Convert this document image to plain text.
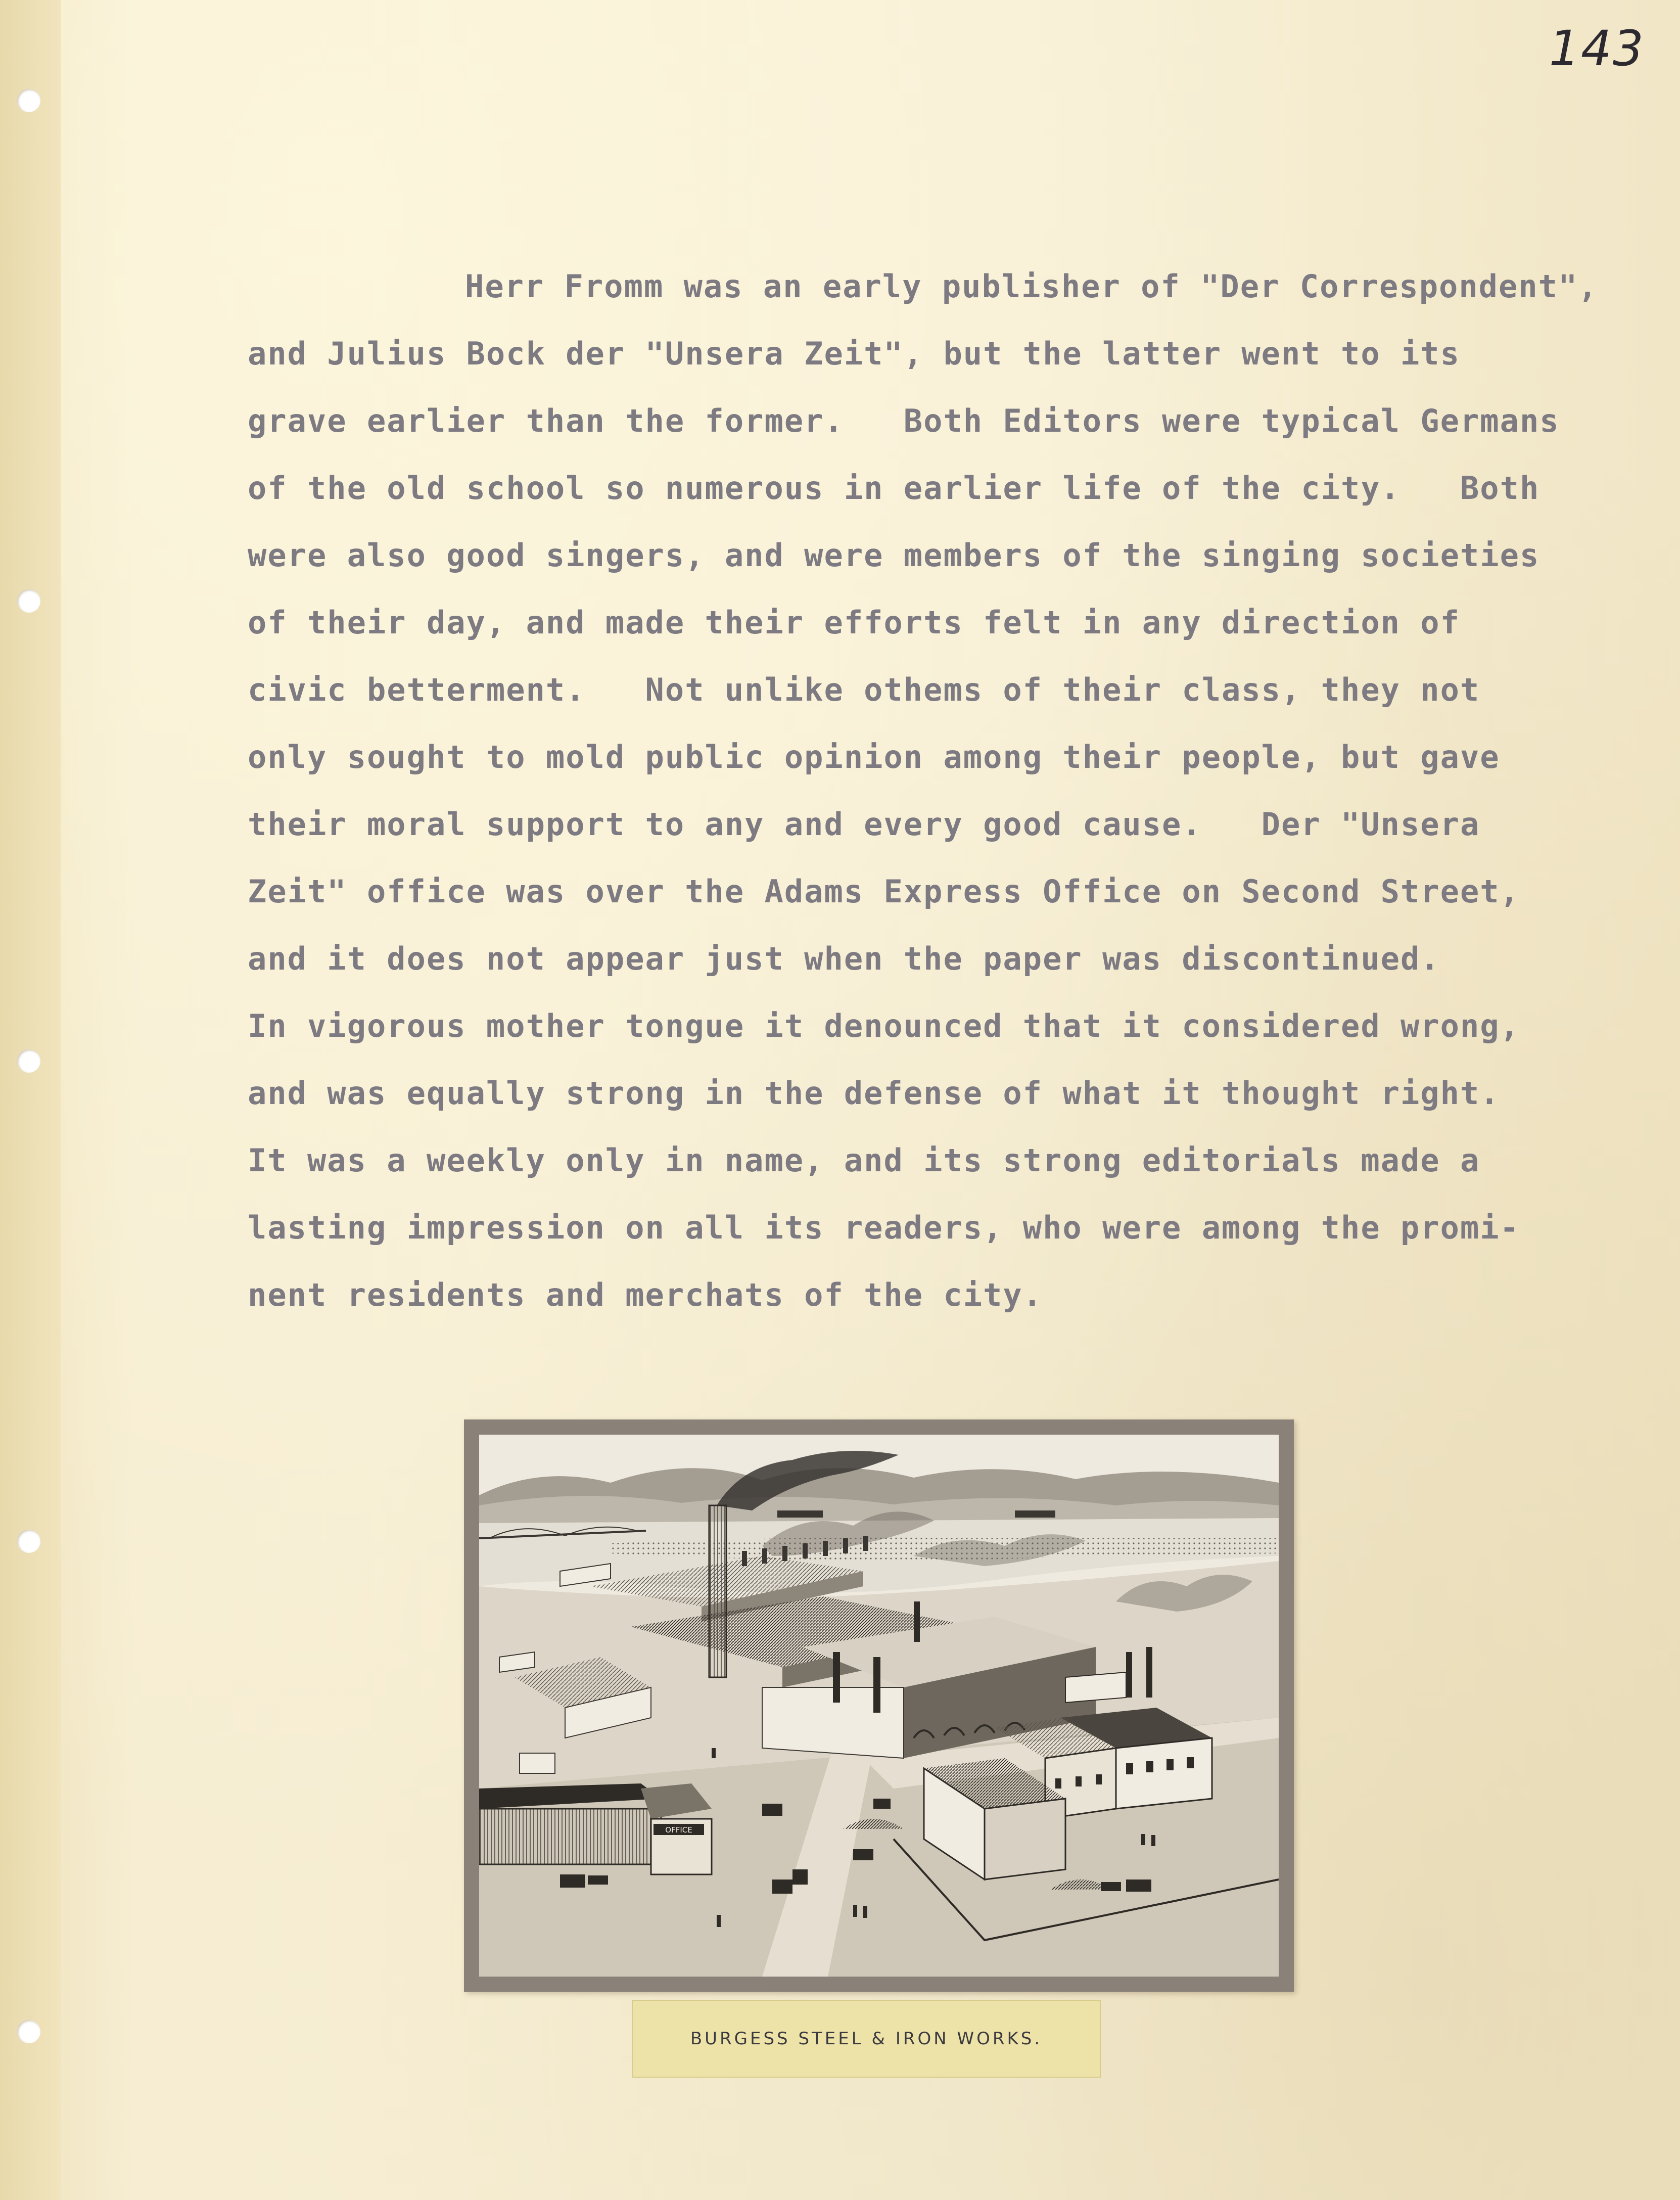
143
Herr Fromm was an early publisher of "Der Correspondent",
and Julius Bock der "Unsera Zeit", but the latter went to its
grave earlier than the former.   Both Editors were typical Germans
of the old school so numerous in earlier life of the city.   Both
were also good singers, and were members of the singing societies
of their day, and made their efforts felt in any direction of
civic betterment.   Not unlike othems of their class, they not
only sought to mold public opinion among their people, but gave
their moral support to any and every good cause.   Der "Unsera
Zeit" office was over the Adams Express Office on Second Street,
and it does not appear just when the paper was discontinued.
In vigorous mother tongue it denounced that it considered wrong,
and was equally strong in the defense of what it thought right.
It was a weekly only in name, and its strong editorials made a
lasting impression on all its readers, who were among the promi-
nent residents and merchats of the city.
OFFICE
BURGESS STEEL & IRON WORKS.
